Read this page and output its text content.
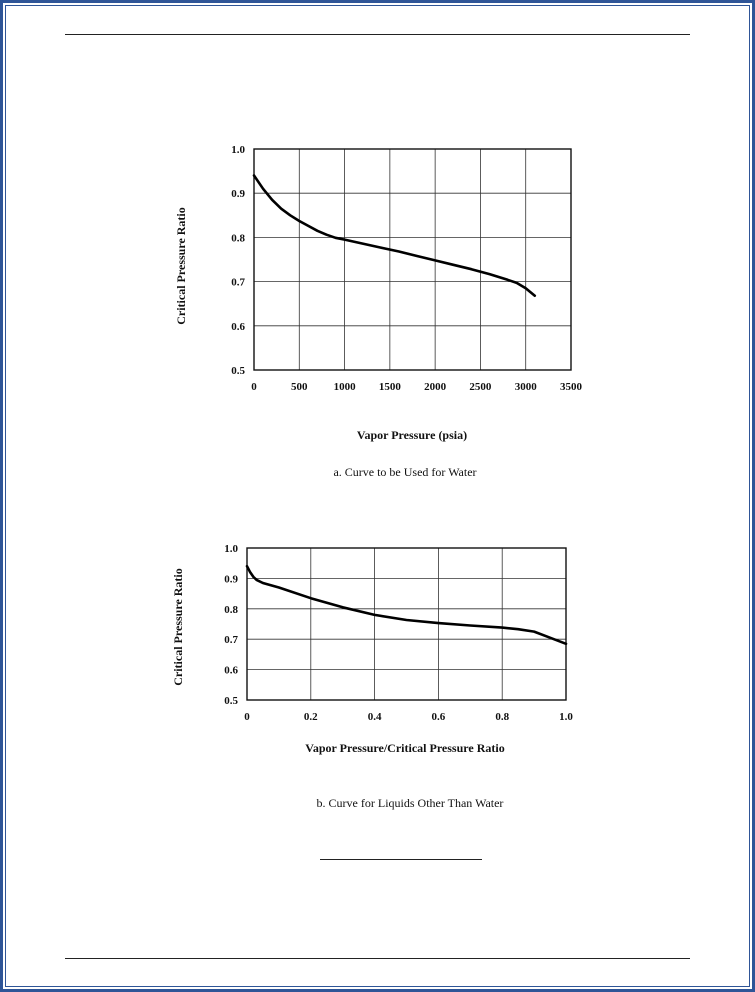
Critical Pressure Ratio
Vapor Pressure (psia)
a. Curve to be Used for Water
0	500 1000 1500 2000 2500 3000 3500
1.0
0.9
0.8
0.7
0.6
0.5
Critical Pressure Ratio
Vapor Pressure/Critical Pressure Ratio
b. Curve for Liquids Other Than Water
0	0.2	0.4	0.6	0.8	1.0
1.0
0.9
0.8
0.7
0.6
0.5
